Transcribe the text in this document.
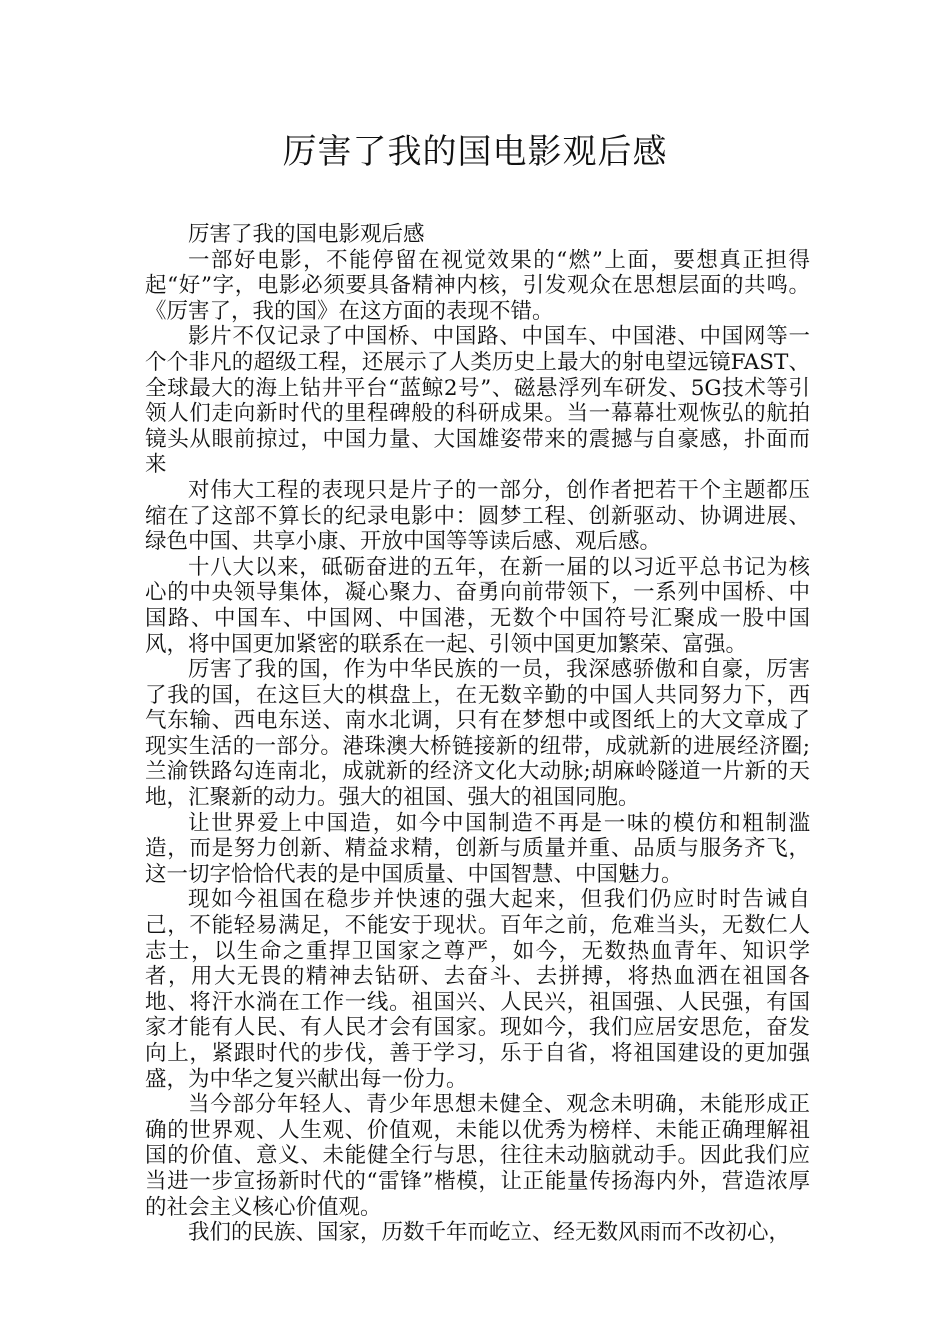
厉害了我的国电影观后感

厉害了我的国电影观后感

一部好电影，不能停留在视觉效果的“燃”上面，要想真正担得起“好”字，电影必须要具备精神内核，引发观众在思想层面的共鸣。《厉害了，我的国》在这方面的表现不错。

影片不仅记录了中国桥、中国路、中国车、中国港、中国网等一个个非凡的超级工程，还展示了人类历史上最大的射电望远镜FAST、全球最大的海上钻井平台“蓝鲸2号”、磁悬浮列车研发、5G技术等引领人们走向新时代的里程碑般的科研成果。当一幕幕壮观恢弘的航拍镜头从眼前掠过，中国力量、大国雄姿带来的震撼与自豪感，扑面而来

对伟大工程的表现只是片子的一部分，创作者把若干个主题都压缩在了这部不算长的纪录电影中：圆梦工程、创新驱动、协调进展、绿色中国、共享小康、开放中国等等读后感、观后感。

十八大以来，砥砺奋进的五年，在新一届的以习近平总书记为核心的中央领导集体，凝心聚力、奋勇向前带领下，一系列中国桥、中国路、中国车、中国网、中国港，无数个中国符号汇聚成一股中国风，将中国更加紧密的联系在一起、引领中国更加繁荣、富强。

厉害了我的国，作为中华民族的一员，我深感骄傲和自豪，厉害了我的国，在这巨大的棋盘上，在无数辛勤的中国人共同努力下，西气东输、西电东送、南水北调，只有在梦想中或图纸上的大文章成了现实生活的一部分。港珠澳大桥链接新的纽带，成就新的进展经济圈;兰渝铁路勾连南北，成就新的经济文化大动脉;胡麻岭隧道一片新的天地，汇聚新的动力。强大的祖国、强大的祖国同胞。

让世界爱上中国造，如今中国制造不再是一味的模仿和粗制滥造，而是努力创新、精益求精，创新与质量并重、品质与服务齐飞，这一切字恰恰代表的是中国质量、中国智慧、中国魅力。

现如今祖国在稳步并快速的强大起来，但我们仍应时时告诫自己，不能轻易满足，不能安于现状。百年之前，危难当头，无数仁人志士，以生命之重捍卫国家之尊严，如今，无数热血青年、知识学者，用大无畏的精神去钻研、去奋斗、去拼搏，将热血洒在祖国各地、将汗水淌在工作一线。祖国兴、人民兴，祖国强、人民强，有国家才能有人民、有人民才会有国家。现如今，我们应居安思危，奋发向上，紧跟时代的步伐，善于学习，乐于自省，将祖国建设的更加强盛，为中华之复兴献出每一份力。

当今部分年轻人、青少年思想未健全、观念未明确，未能形成正确的世界观、人生观、价值观，未能以优秀为榜样、未能正确理解祖国的价值、意义、未能健全行与思，往往未动脑就动手。因此我们应当进一步宣扬新时代的“雷锋”楷模，让正能量传扬海内外，营造浓厚的社会主义核心价值观。

我们的民族、国家，历数千年而屹立、经无数风雨而不改初心，
